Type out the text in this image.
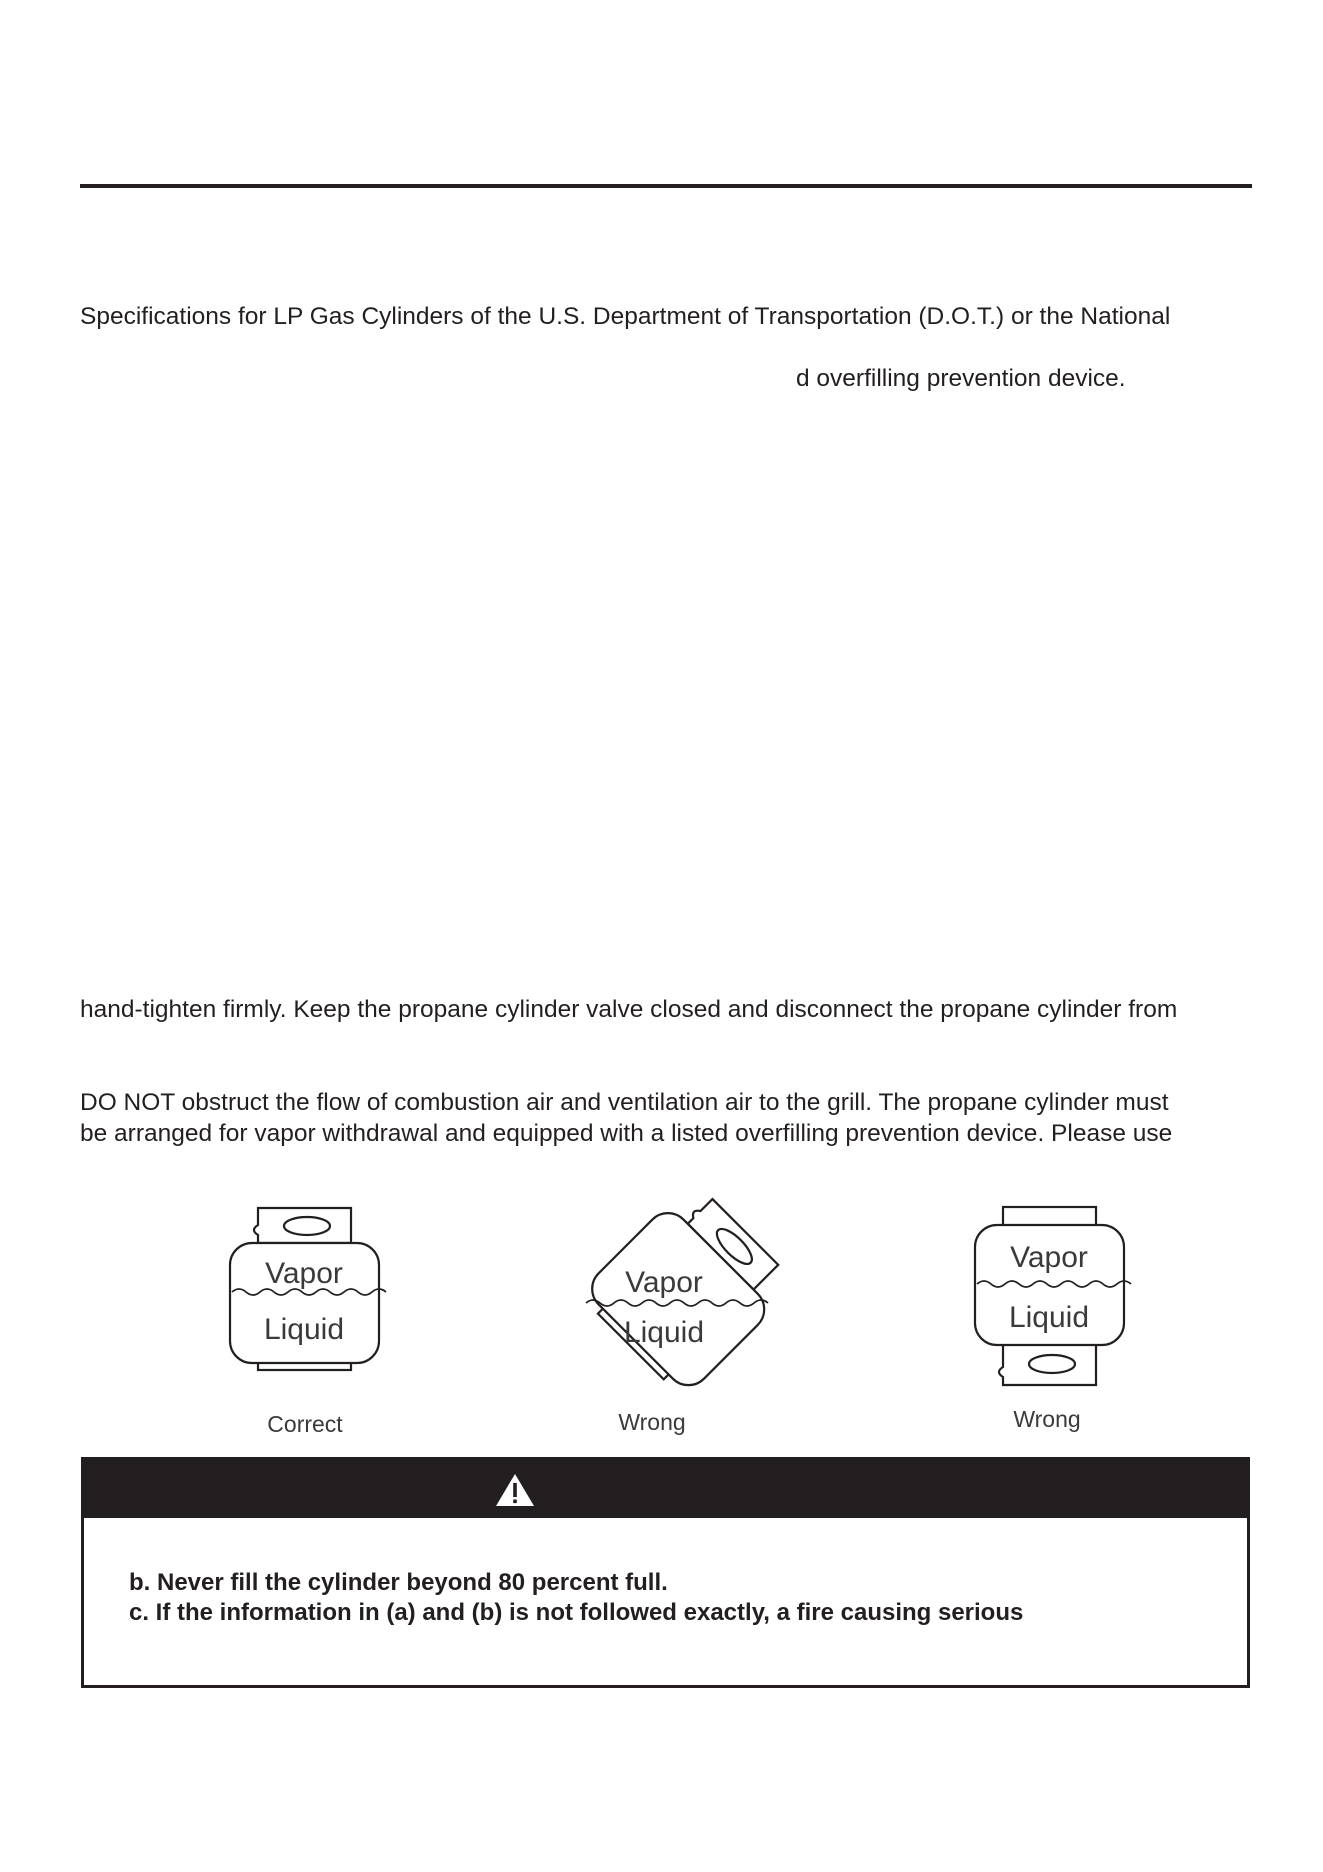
Specifications for LP Gas Cylinders of the U.S. Department of Transportation (D.O.T.) or the National
d overfilling prevention device.
hand-tighten firmly. Keep the propane cylinder valve closed and disconnect the propane cylinder from
DO NOT obstruct the flow of combustion air and ventilation air to the grill. The propane cylinder must
be arranged for vapor withdrawal and equipped with a listed overfilling prevention device. Please use
Vapor
Liquid
Correct
Vapor
Liquid
Wrong
Vapor
Liquid
Wrong
b. Never fill the cylinder beyond 80 percent full.
c. If the information in (a) and (b) is not followed exactly, a fire causing serious
